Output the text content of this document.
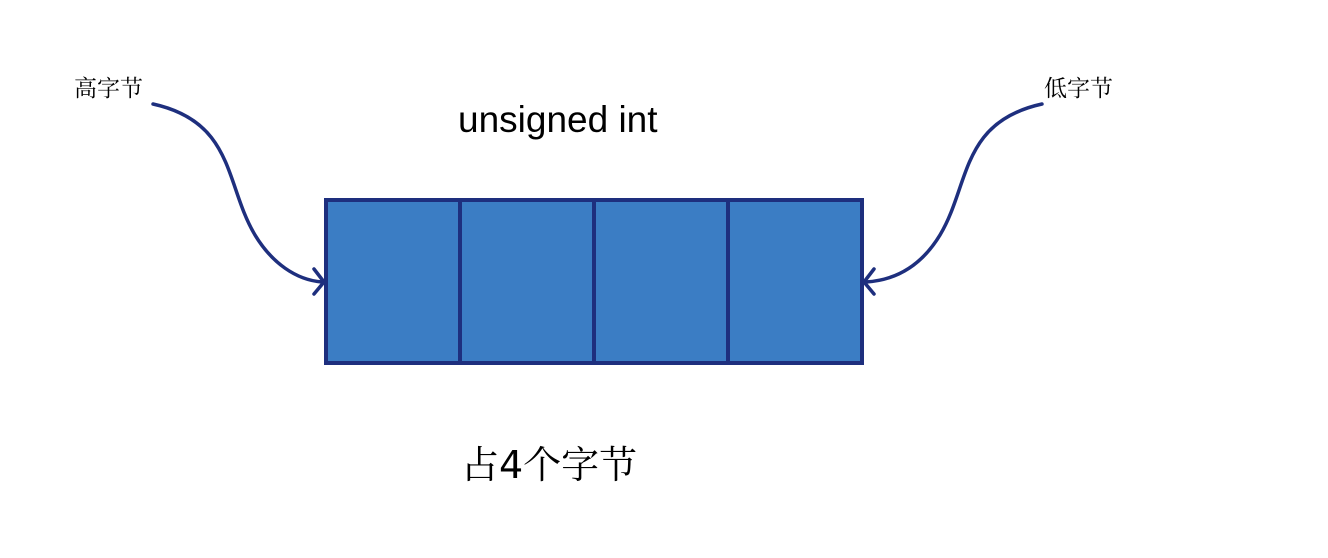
高字节	低字节
unsigned int
占4个字节
